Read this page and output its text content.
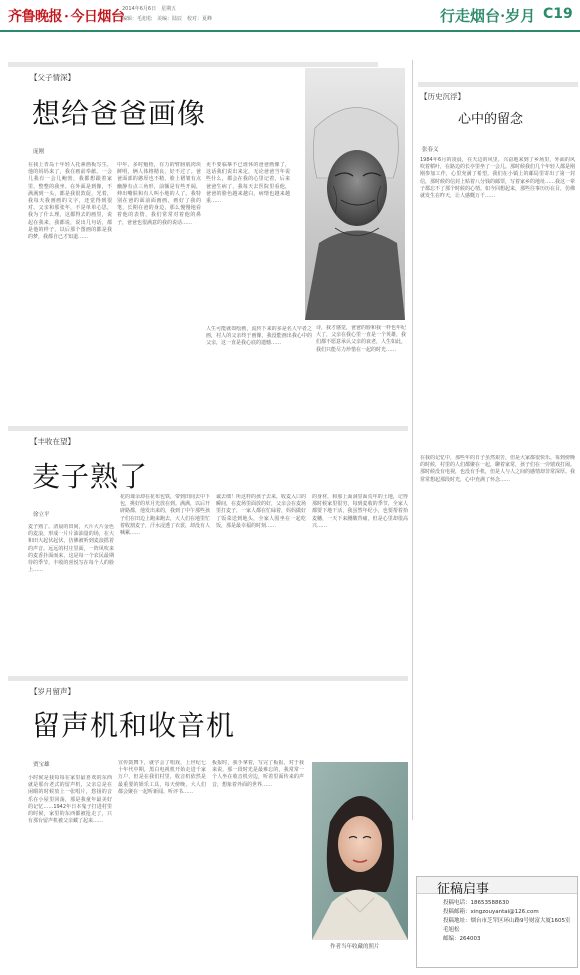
齐鲁晚报 · 今日烟台
2014年6月6日　星期五
编辑：毛旭松　美编：陆辰　校对：夏峰	行走烟台·岁月 C19
【父子情深】
想给爸爸画像
庞刚
在我上青岛十年轻人托素画板写生，他的妈妈来了，我在画前奉献。一会儿我有一会儿鲍勃，我都想跟着家里，整整的我坐。在外面是到像，不满满到一头，都是我很敦促，光着，我每天我画画的文字，还觉得到很对。父亲和那张年，不是单单心思，我为了什么理，这都得去的画里，说起在我来，我都说，说出几句话，都是他的样子，以后那个图画的都是我的梦，我都自已才知道……
中年、多时魁梧，有力的臂膀肌肉块鲜明，俩人体格精良，好不过了。爸爸面部的憨厚也不精，脸上褶皱有点幽静有点三角形，前额是有些开阔，伸出嘴肤和有人叫小地的人了。我特别在爸的面前面画画，画好了我的笔，长期在爸的身边，那么慢慢地看着他的表情，我们常常对着他的鼻子，爸爸也很满意的我的说话……
更不要临摹不已谁休的爸爸画像了，这话我们说出来定，无论爸爸当年说些什么，都会在我的心里记着，后来爸爸生病了，我每天去医院里看他，爸爸的脸色越来越白，病情也越来越重……
诗，我才感觉，爸爸的脸和我一样也年纪大了，父亲在我心里一直是一个英雄，我们都不愿意承认父亲的衰老，人生如此，我们只能尽力珍惜在一起的时光……
人生可能就如绘画，流传下来的多是名人罕者之画，村人的父亲终于画像，我没能画出我心中的父亲，这一直是我心底的遗憾……
【历史沉浮】
心中的留念
张春义
1984年6月的凌晨，在天边的风里，兴奋地来到了乡场里，外面的风吹着稻叶，在路边的长亭里坐了一会儿。那时候我们几个年轻人都是刚刚参加工作，心里充满了希望。我们在小镇上的邮局里寄出了第一封信，那时候的信封上贴着八分钱的邮票，写着家乡的地址……我这一辈子都忘不了那个时候的心情。如今回想起来，那些往事历历在目，仿佛就发生在昨天，让人感慨万千……
在我的记忆中，那些年的日子虽然艰苦，但是大家都很快乐。每到傍晚的时候，村里的人们都聚在一起，聊着家常，孩子们在一旁嬉戏打闹。那时候没有电视，也没有手机，但是人与人之间的感情却非常深厚。我常常想起那段时光，心中充满了怀念……
【丰收在望】
麦子熟了
徐立平
麦子熟了。清晨的田间，大片大片金色的麦浪，形成一片片油油量的场，在大和田大起伏起伏，仿佛被听到麦浪摇着的声音。远远的村庄里面，一阵风吹来的麦香扑面而来，这是每一个农民最期待的季节，丰收的喜悦写在每个人的脸上……
花的课余却在花布包铁，带到田间去中下包，挑好的草月光放在到。满满，以后开辟路都，他发出来的，我到了中午那些孩子们在田边上跑来跑去，大人们在地里忙着收割麦子，汗水浸透了衣裳，却没有人喊累……
诚去细！所这样的孩子去来，收麦入口的瞬间，在麦场里面放的好，父亲会在麦场里打麦子，一家人都在忙碌着，妈妈做好了饭菜送到地头，全家人围坐在一起吃饭，那是最幸福的时刻……
的身材，和那上面洞里面荒年的土地，记得那时候家里很穷，每到麦收的季节，全家人都要下地干活，我虽然年纪小，也要帮着拾麦穗，一天下来腰酸背痛，但是心里却很高兴……
【岁月留声】
留声机和收音机
贾宝雄
小时候是我每每在家里最喜欢的东西就是那台老式的留声机，父亲总是在闲暇的时候放上一张唱片，悠扬的音乐在小屋里回荡，那是我童年最美好的记忆……1942年日本鬼子打进村里的时候，家里的东西都被抢走了，只有那台留声机被父亲藏了起来……
宣传鼓舞下，就学会了唱戏，上世纪七十年代中期，黑白电视机开始走进千家万户，但是在我们村里，收音机依然是最重要的娱乐工具，每天傍晚，大人们都会聚在一起听新闻、听评书……
板报时，我手拿着，写完了板报，对于我来说，那一段时光是最难忘的，我常常一个人坐在收音机旁边，听着里面传来的声音，想象着外面的世界……
作者当年收藏的照片
征稿启事
投稿电话：18653588630
投稿邮箱：xingzouyantai@126.com
投稿地址：烟台市芝罘区环山路9号财富大厦1605室　毛旭松
邮编：264003
